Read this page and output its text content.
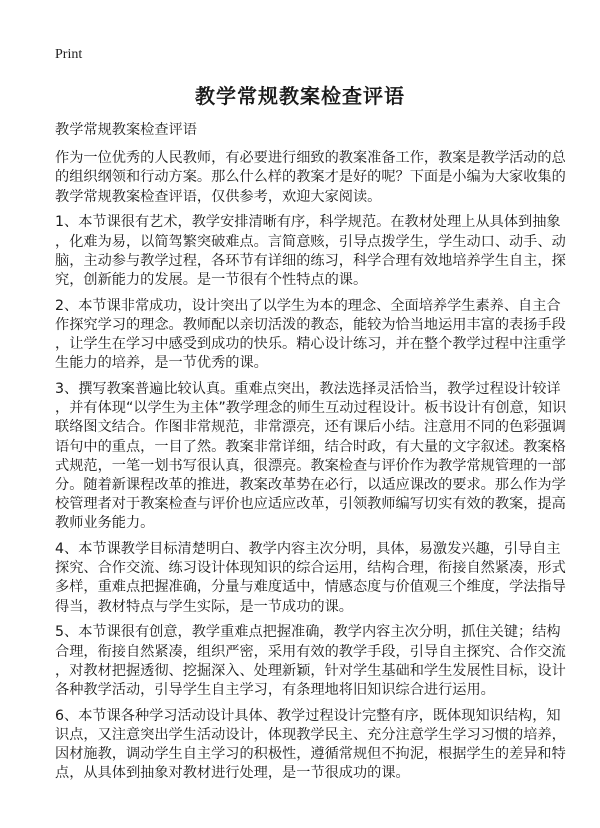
Print
教学常规教案检查评语
教学常规教案检查评语
作为一位优秀的人民教师，有必要进行细致的教案准备工作，教案是教学活动的总
的组织纲领和行动方案。那么什么样的教案才是好的呢？下面是小编为大家收集的
教学常规教案检查评语，仅供参考，欢迎大家阅读。
1、本节课很有艺术，教学安排清晰有序，科学规范。在教材处理上从具体到抽象
，化难为易，以简驾繁突破难点。言简意赅，引导点拨学生，学生动口、动手、动
脑，主动参与教学过程，各环节有详细的练习，科学合理有效地培养学生自主，探
究，创新能力的发展。是一节很有个性特点的课。
2、本节课非常成功，设计突出了以学生为本的理念、全面培养学生素养、自主合
作探究学习的理念。教师配以亲切活泼的教态，能较为恰当地运用丰富的表扬手段
，让学生在学习中感受到成功的快乐。精心设计练习，并在整个教学过程中注重学
生能力的培养，是一节优秀的课。
3、撰写教案普遍比较认真。重难点突出，教法选择灵活恰当，教学过程设计较详
，并有体现“以学生为主体”教学理念的师生互动过程设计。板书设计有创意，知识
联络图文结合。作图非常规范，非常漂亮，还有课后小结。注意用不同的色彩强调
语句中的重点，一目了然。教案非常详细，结合时政，有大量的文字叙述。教案格
式规范，一笔一划书写很认真，很漂亮。教案检查与评价作为教学常规管理的一部
分。随着新课程改革的推进，教案改革势在必行，以适应课改的要求。那么作为学
校管理者对于教案检查与评价也应适应改革，引领教师编写切实有效的教案，提高
教师业务能力。
4、本节课教学目标清楚明白、教学内容主次分明，具体，易激发兴趣，引导自主
探究、合作交流、练习设计体现知识的综合运用，结构合理，衔接自然紧凑，形式
多样，重难点把握准确，分量与难度适中，情感态度与价值观三个维度，学法指导
得当，教材特点与学生实际，是一节成功的课。
5、本节课很有创意，教学重难点把握准确，教学内容主次分明，抓住关键；结构
合理，衔接自然紧凑，组织严密，采用有效的教学手段，引导自主探究、合作交流
，对教材把握透彻、挖掘深入、处理新颖，针对学生基础和学生发展性目标，设计
各种教学活动，引导学生自主学习，有条理地将旧知识综合进行运用。
6、本节课各种学习活动设计具体、教学过程设计完整有序，既体现知识结构，知
识点，又注意突出学生活动设计，体现教学民主、充分注意学生学习习惯的培养，
因材施教，调动学生自主学习的积极性，遵循常规但不拘泥，根据学生的差异和特
点，从具体到抽象对教材进行处理，是一节很成功的课。
